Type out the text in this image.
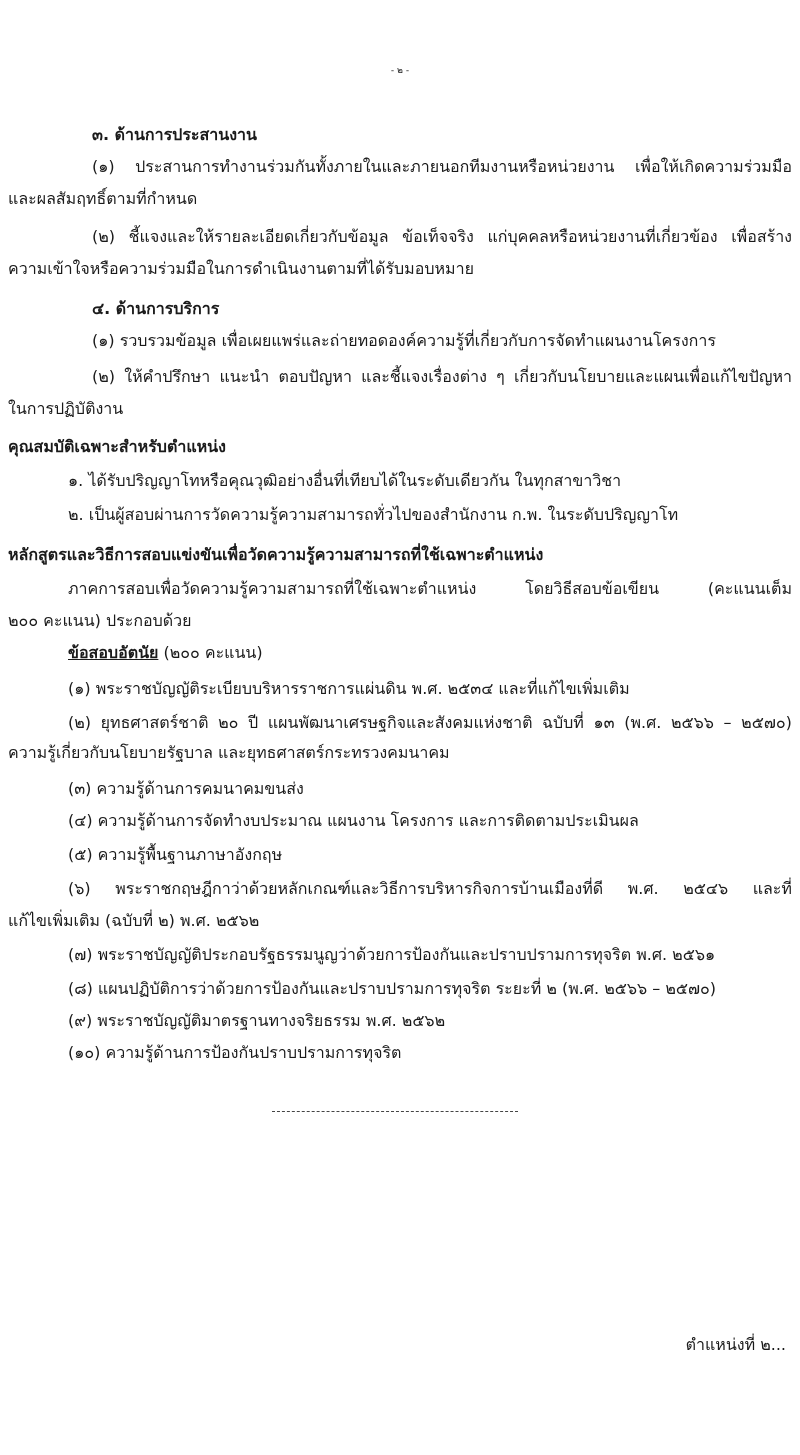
- ๒ -

๓. ด้านการประสานงาน

(๑) ประสานการทำงานร่วมกันทั้งภายในและภายนอกทีมงานหรือหน่วยงาน เพื่อให้เกิดความร่วมมือ

และผลสัมฤทธิ์ตามที่กำหนด

(๒) ชี้แจงและให้รายละเอียดเกี่ยวกับข้อมูล ข้อเท็จจริง แก่บุคคลหรือหน่วยงานที่เกี่ยวข้อง เพื่อสร้าง

ความเข้าใจหรือความร่วมมือในการดำเนินงานตามที่ได้รับมอบหมาย

๔. ด้านการบริการ

(๑) รวบรวมข้อมูล เพื่อเผยแพร่และถ่ายทอดองค์ความรู้ที่เกี่ยวกับการจัดทำแผนงานโครงการ

(๒) ให้คำปรึกษา แนะนำ ตอบปัญหา และชี้แจงเรื่องต่าง ๆ เกี่ยวกับนโยบายและแผนเพื่อแก้ไขปัญหา

ในการปฏิบัติงาน

คุณสมบัติเฉพาะสำหรับตำแหน่ง

๑. ได้รับปริญญาโทหรือคุณวุฒิอย่างอื่นที่เทียบได้ในระดับเดียวกัน ในทุกสาขาวิชา

๒. เป็นผู้สอบผ่านการวัดความรู้ความสามารถทั่วไปของสำนักงาน ก.พ. ในระดับปริญญาโท

หลักสูตรและวิธีการสอบแข่งขันเพื่อวัดความรู้ความสามารถที่ใช้เฉพาะตำแหน่ง

ภาคการสอบเพื่อวัดความรู้ความสามารถที่ใช้เฉพาะตำแหน่ง	โดยวิธีสอบข้อเขียน	(คะแนนเต็ม

๒๐๐ คะแนน) ประกอบด้วย

ข้อสอบอัตนัย (๒๐๐ คะแนน)

(๑) พระราชบัญญัติระเบียบบริหารราชการแผ่นดิน พ.ศ. ๒๕๓๔ และที่แก้ไขเพิ่มเติม

(๒) ยุทธศาสตร์ชาติ ๒๐ ปี แผนพัฒนาเศรษฐกิจและสังคมแห่งชาติ ฉบับที่ ๑๓ (พ.ศ. ๒๕๖๖ – ๒๕๗๐)

ความรู้เกี่ยวกับนโยบายรัฐบาล และยุทธศาสตร์กระทรวงคมนาคม

(๓) ความรู้ด้านการคมนาคมขนส่ง

(๔) ความรู้ด้านการจัดทำงบประมาณ แผนงาน โครงการ และการติดตามประเมินผล

(๕) ความรู้พื้นฐานภาษาอังกฤษ

(๖) พระราชกฤษฎีกาว่าด้วยหลักเกณฑ์และวิธีการบริหารกิจการบ้านเมืองที่ดี พ.ศ. ๒๕๔๖ และที่

แก้ไขเพิ่มเติม (ฉบับที่ ๒) พ.ศ. ๒๕๖๒

(๗) พระราชบัญญัติประกอบรัฐธรรมนูญว่าด้วยการป้องกันและปราบปรามการทุจริต พ.ศ. ๒๕๖๑

(๘) แผนปฏิบัติการว่าด้วยการป้องกันและปราบปรามการทุจริต ระยะที่ ๒ (พ.ศ. ๒๕๖๖ – ๒๕๗๐)

(๙) พระราชบัญญัติมาตรฐานทางจริยธรรม พ.ศ. ๒๕๖๒

(๑๐) ความรู้ด้านการป้องกันปราบปรามการทุจริต

ตำแหน่งที่ ๒...
